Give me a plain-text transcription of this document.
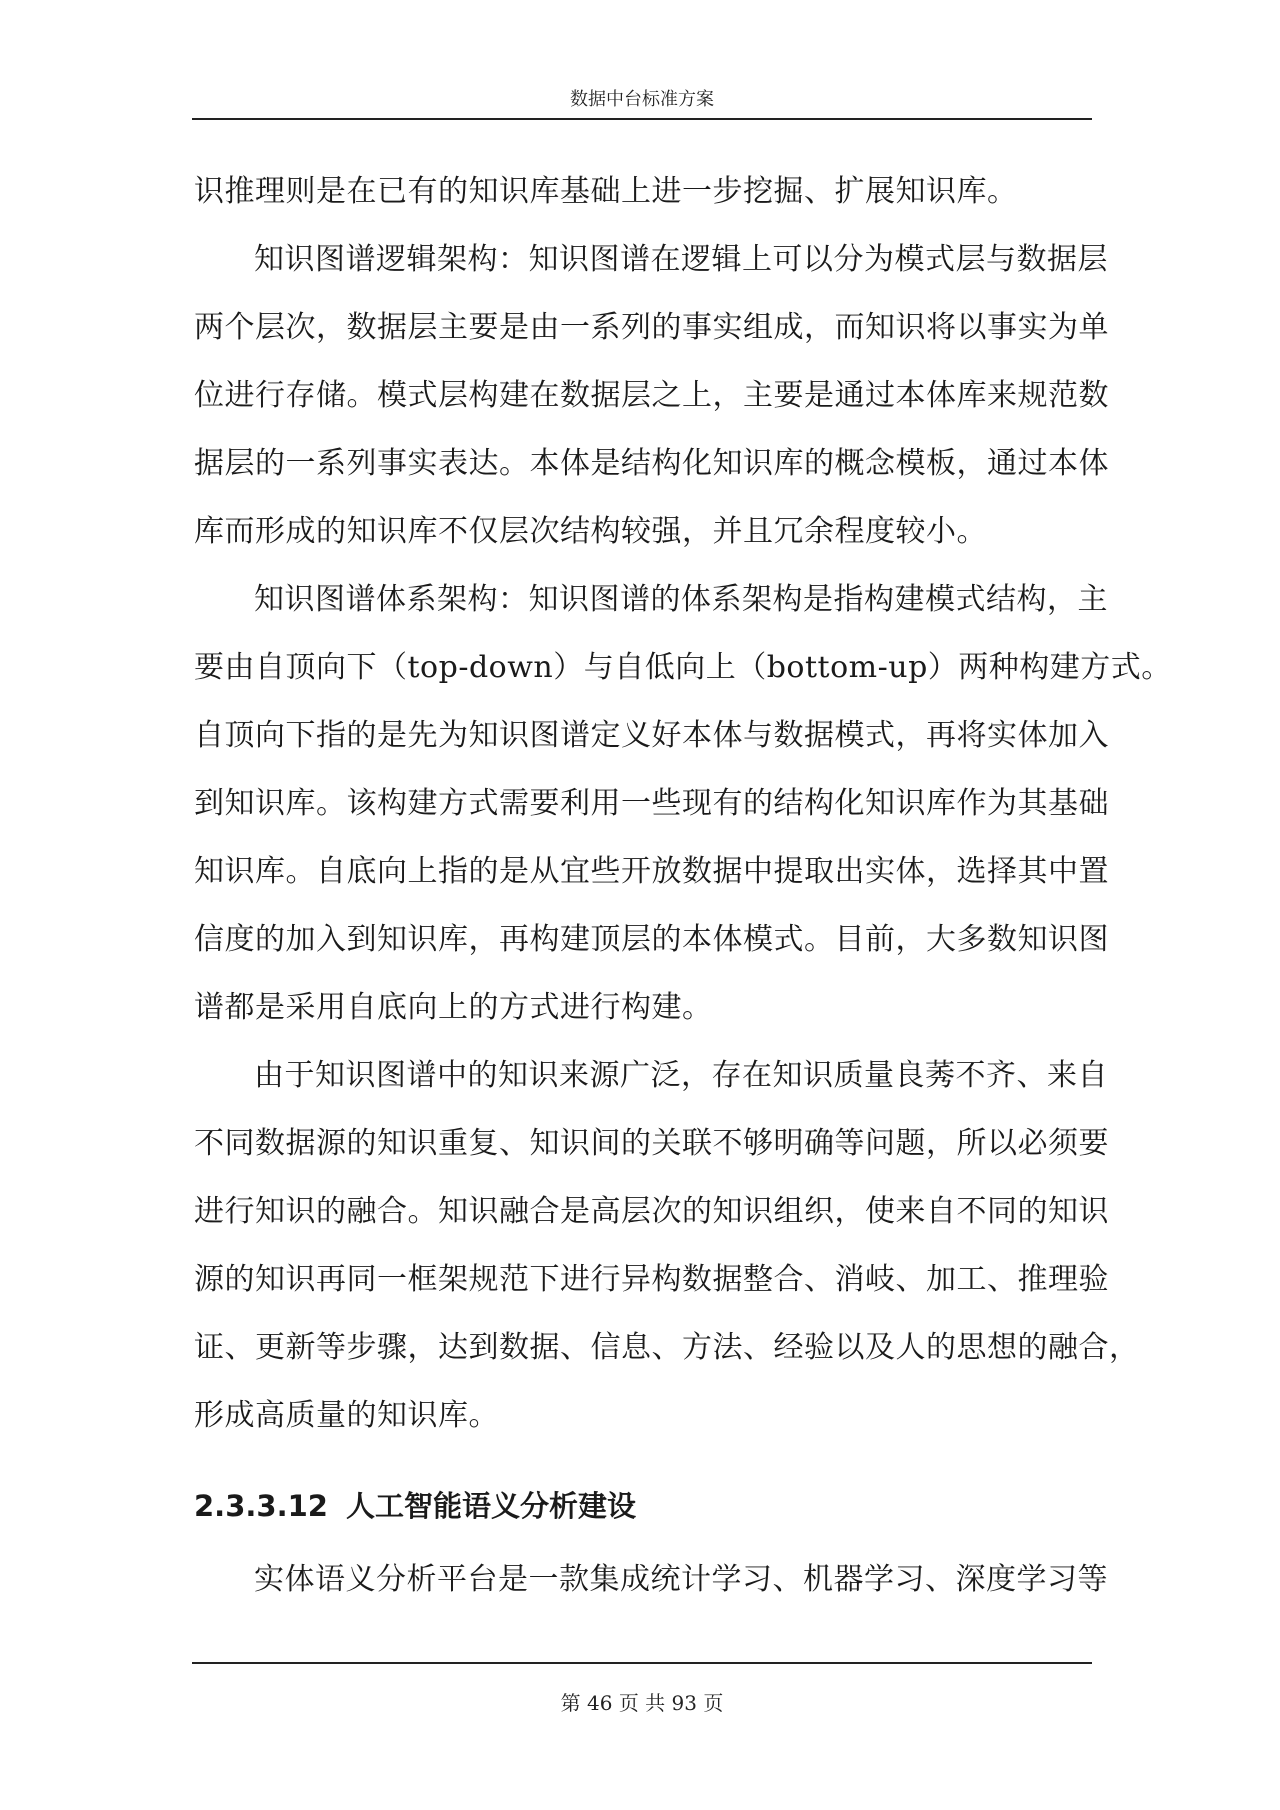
数据中台标准方案
识推理则是在已有的知识库基础上进一步挖掘、扩展知识库。
知识图谱逻辑架构：知识图谱在逻辑上可以分为模式层与数据层
两个层次，数据层主要是由一系列的事实组成，而知识将以事实为单
位进行存储。模式层构建在数据层之上，主要是通过本体库来规范数
据层的一系列事实表达。本体是结构化知识库的概念模板，通过本体
库而形成的知识库不仅层次结构较强，并且冗余程度较小。
知识图谱体系架构：知识图谱的体系架构是指构建模式结构，主
要由自顶向下（top-down）与自低向上（bottom-up）两种构建方式。
自顶向下指的是先为知识图谱定义好本体与数据模式，再将实体加入
到知识库。该构建方式需要利用一些现有的结构化知识库作为其基础
知识库。自底向上指的是从宜些开放数据中提取出实体，选择其中置
信度的加入到知识库，再构建顶层的本体模式。目前，大多数知识图
谱都是采用自底向上的方式进行构建。
由于知识图谱中的知识来源广泛，存在知识质量良莠不齐、来自
不同数据源的知识重复、知识间的关联不够明确等问题，所以必须要
进行知识的融合。知识融合是高层次的知识组织，使来自不同的知识
源的知识再同一框架规范下进行异构数据整合、消岐、加工、推理验
证、更新等步骤，达到数据、信息、方法、经验以及人的思想的融合，
形成高质量的知识库。
2.3.3.12 人工智能语义分析建设
实体语义分析平台是一款集成统计学习、机器学习、深度学习等
第 46 页 共 93 页
